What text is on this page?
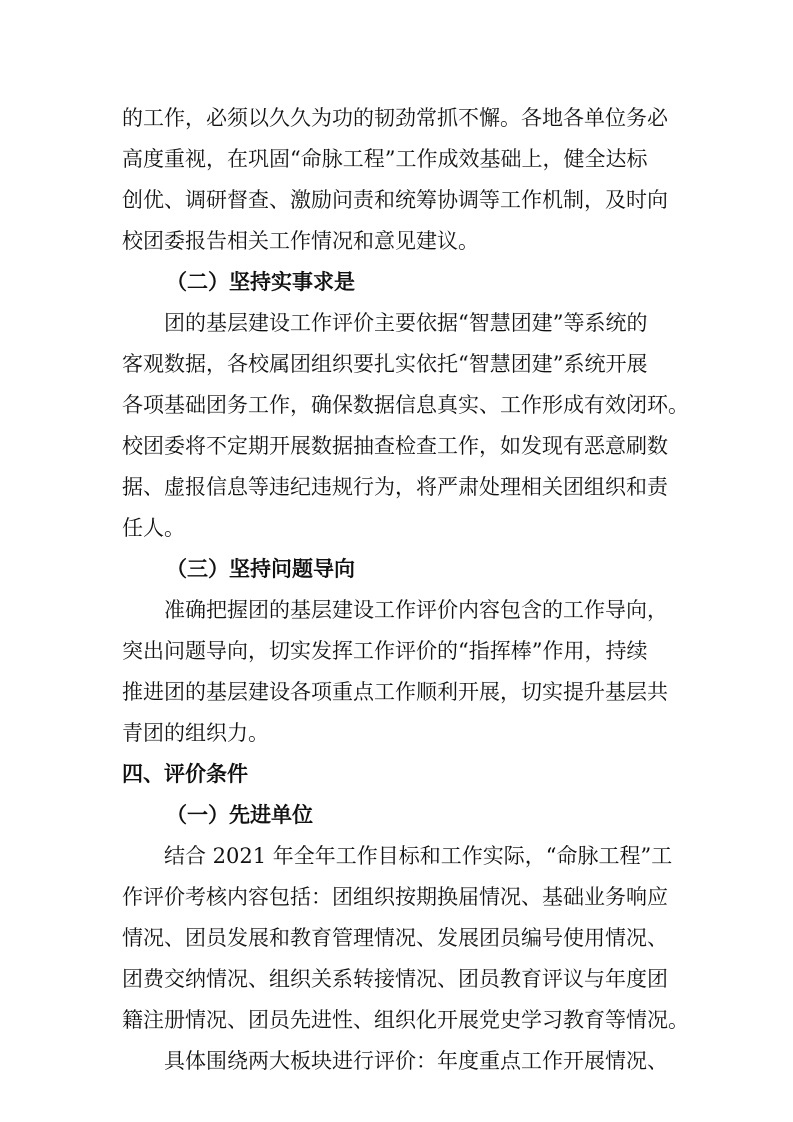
的工作，必须以久久为功的韧劲常抓不懈。各地各单位务必
高度重视，在巩固“命脉工程”工作成效基础上，健全达标
创优、调研督查、激励问责和统筹协调等工作机制，及时向
校团委报告相关工作情况和意见建议。
（二）坚持实事求是
团的基层建设工作评价主要依据“智慧团建”等系统的
客观数据，各校属团组织要扎实依托“智慧团建”系统开展
各项基础团务工作，确保数据信息真实、工作形成有效闭环。
校团委将不定期开展数据抽查检查工作，如发现有恶意刷数
据、虚报信息等违纪违规行为，将严肃处理相关团组织和责
任人。
（三）坚持问题导向
准确把握团的基层建设工作评价内容包含的工作导向，
突出问题导向，切实发挥工作评价的“指挥棒”作用，持续
推进团的基层建设各项重点工作顺利开展，切实提升基层共
青团的组织力。
四、评价条件
（一）先进单位
结合 2021 年全年工作目标和工作实际，“命脉工程”工
作评价考核内容包括：团组织按期换届情况、基础业务响应
情况、团员发展和教育管理情况、发展团员编号使用情况、
团费交纳情况、组织关系转接情况、团员教育评议与年度团
籍注册情况、团员先进性、组织化开展党史学习教育等情况。
具体围绕两大板块进行评价：年度重点工作开展情况、
